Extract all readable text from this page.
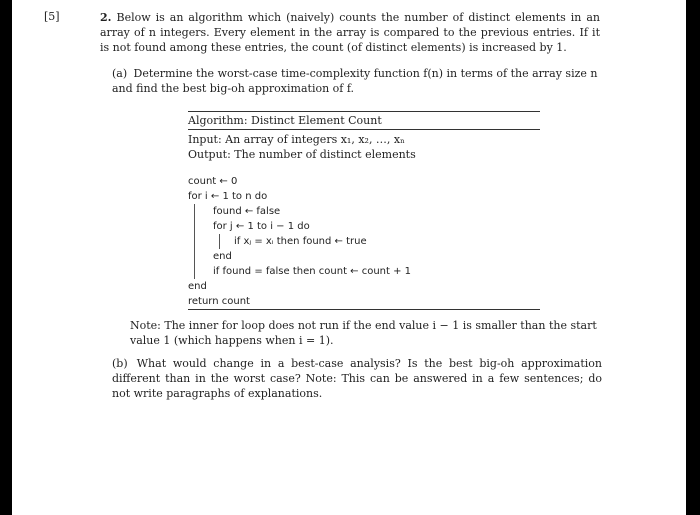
[5]	2. Below is an algorithm which (naively) counts the number of distinct elements in an array of n integers. Every element in the array is compared to the previous entries. If it is not found among these entries, the count (of distinct elements) is increased by 1.
(a) Determine the worst-case time-complexity function f(n) in terms of the array size n and find the best big-oh approximation of f.
Algorithm: Distinct Element Count
Input: An array of integers x₁, x₂, …, xₙ
Output: The number of distinct elements
count ← 0
for i ← 1 to n do
found ← false
for j ← 1 to i − 1 do
if xⱼ = xᵢ then found ← true
end
if found = false then count ← count + 1
end
return count
Note: The inner for loop does not run if the end value i − 1 is smaller than the start value 1 (which happens when i = 1).
(b) What would change in a best-case analysis? Is the best big-oh approximation different than in the worst case? Note: This can be answered in a few sentences; do not write paragraphs of explanations.
